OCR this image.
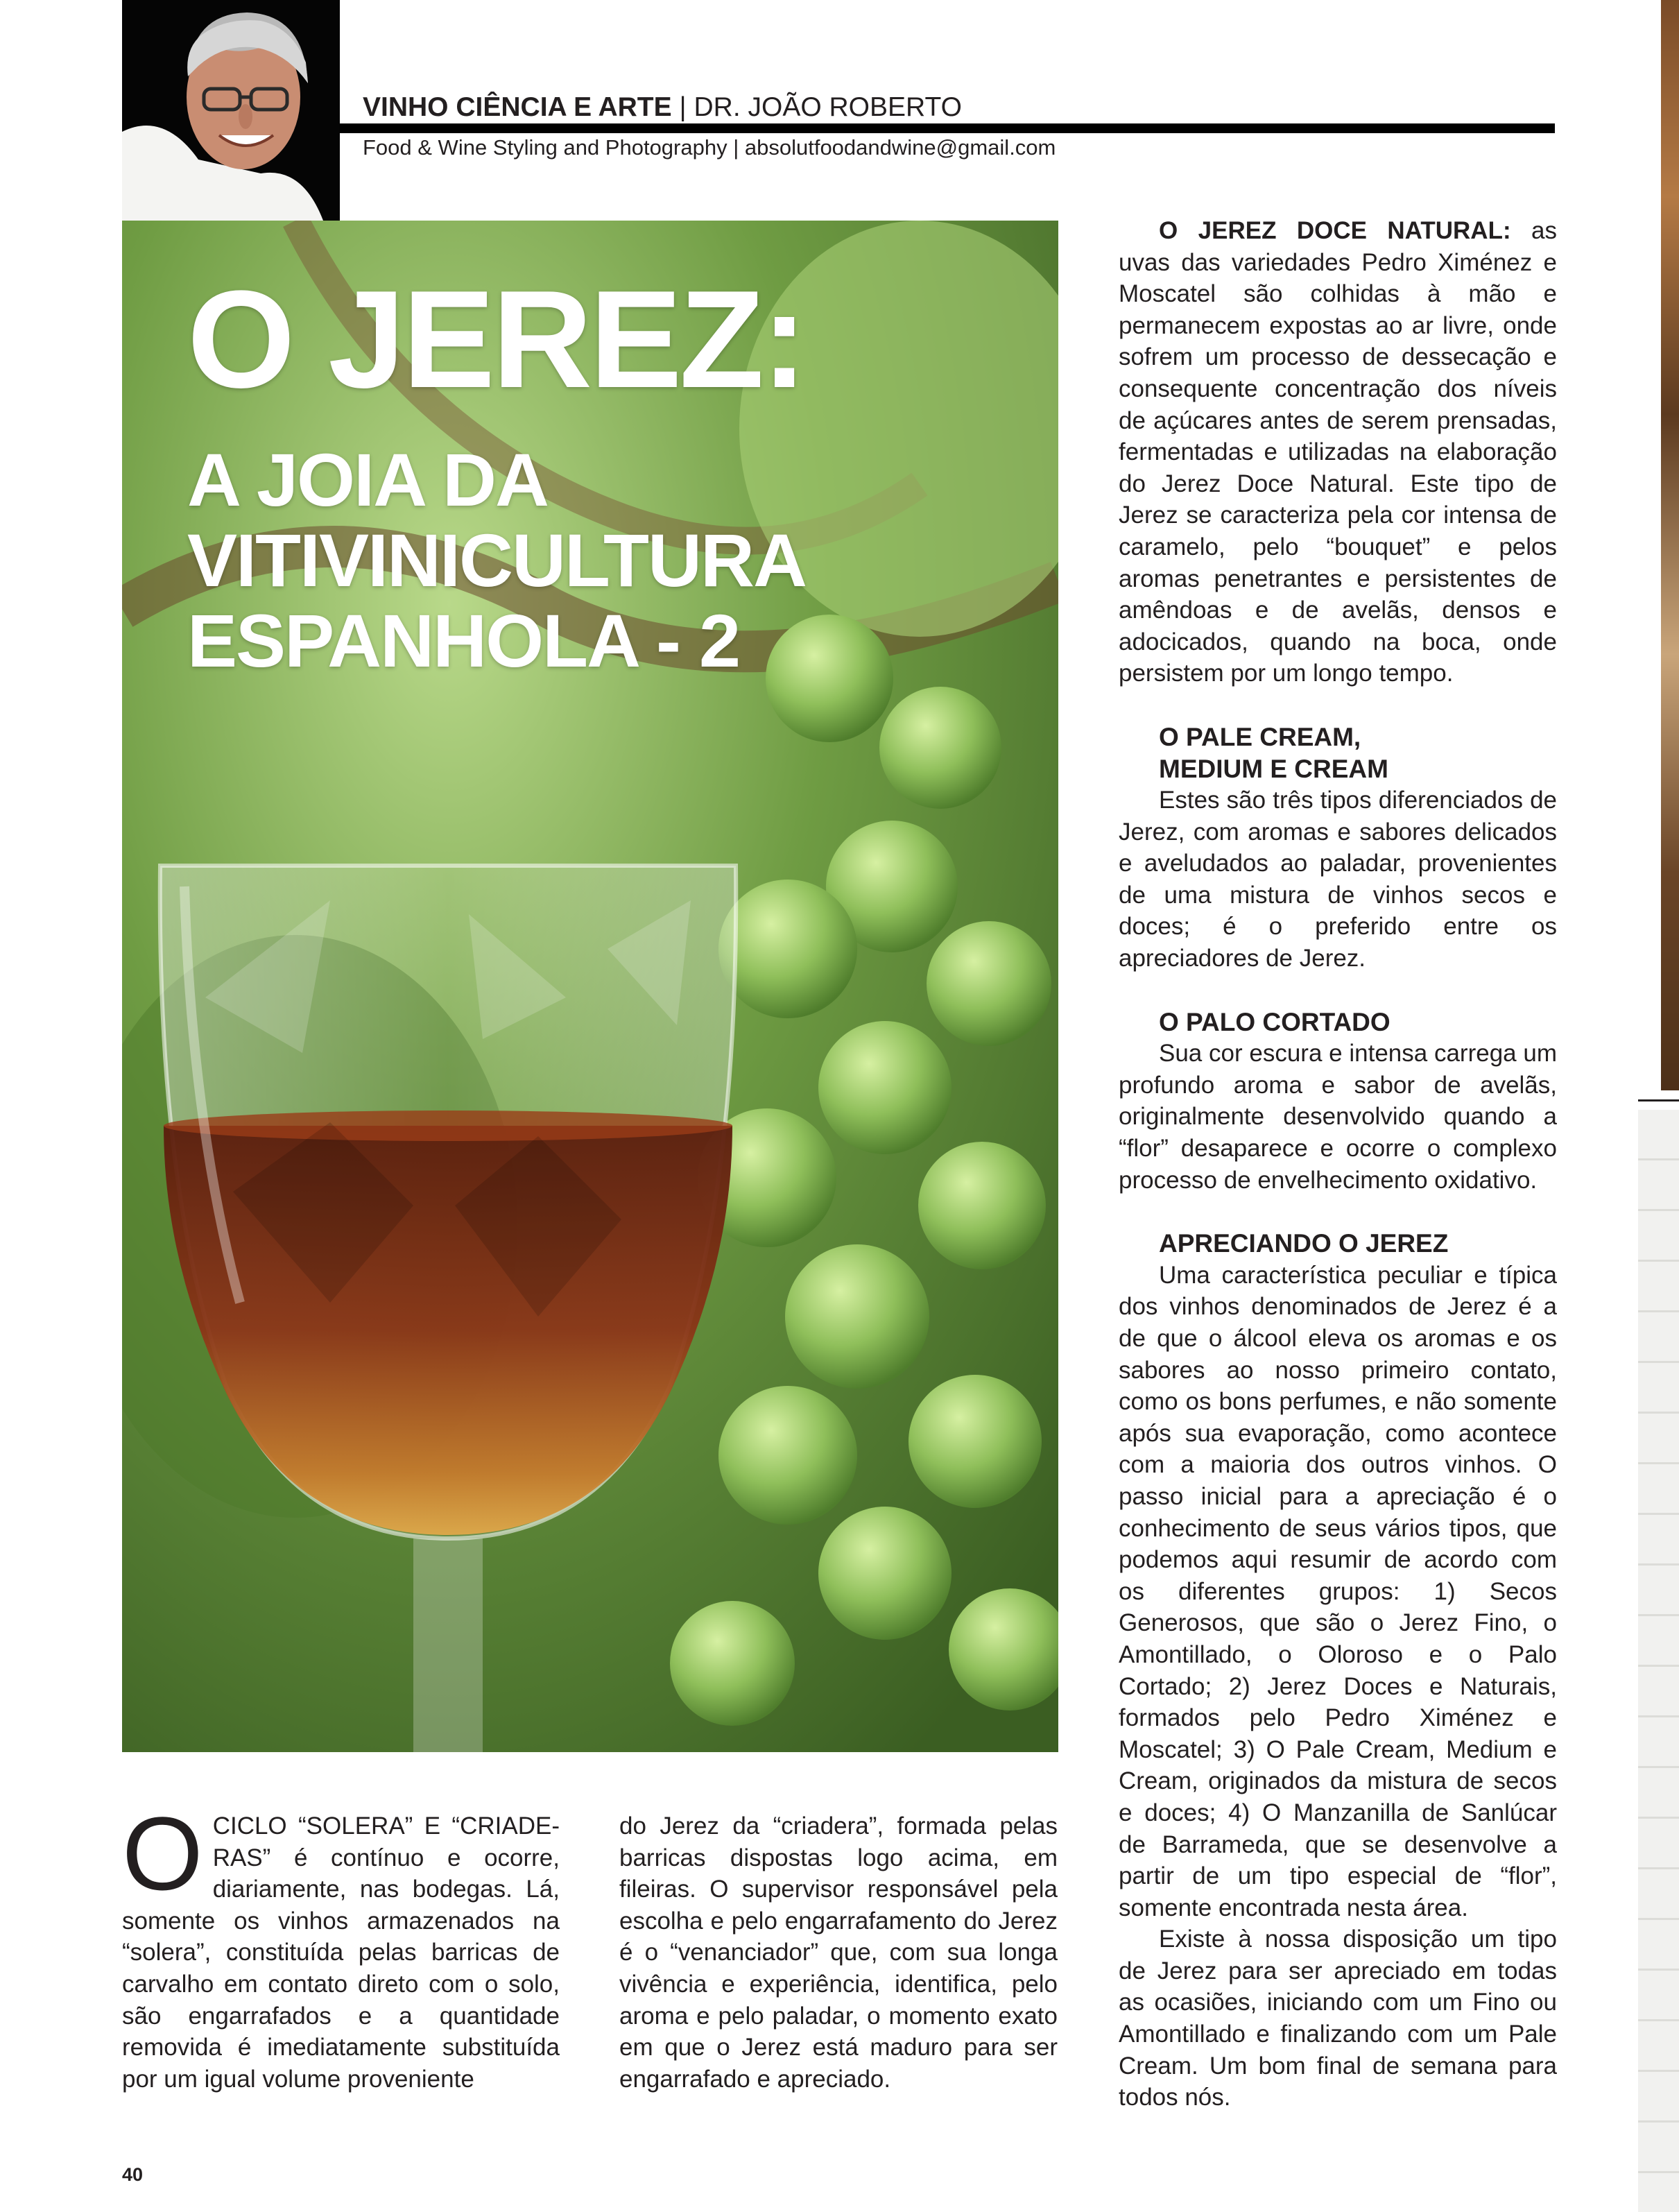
VINHO CIÊNCIA E ARTE | DR. JOÃO ROBERTO
Food & Wine Styling and Photography | absolutfoodandwine@gmail.com
O JEREZ:
A JOIA DA
VITIVINICULTURA
ESPANHOLA - 2
O CICLO “SOLERA” E “CRIADE-RAS” é contínuo e ocorre, diariamente, nas bodegas. Lá, somente os vinhos armazenados na “solera”, constituída pelas barricas de carvalho em contato direto com o solo, são engarrafados e a quantidade removida é imediatamente substituída por um igual volume proveniente

do Jerez da “criadera”, formada pelas barricas dispostas logo acima, em fileiras. O supervisor responsável pela escolha e pelo engarrafamento do Jerez é o “venanciador” que, com sua longa vivência e experiência, identifica, pelo aroma e pelo paladar, o momento exato em que o Jerez está maduro para ser engarrafado e apreciado.

O JEREZ DOCE NATURAL: as uvas das variedades Pedro Ximénez e Moscatel são colhidas à mão e permanecem expostas ao ar livre, onde sofrem um processo de dessecação e consequente concentração dos níveis de açúcares antes de serem prensadas, fermentadas e utilizadas na elaboração do Jerez Doce Natural. Este tipo de Jerez se caracteriza pela cor intensa de caramelo, pelo “bouquet” e pelos aromas penetrantes e persistentes de amêndoas e de avelãs, densos e adocicados, quando na boca, onde persistem por um longo tempo.

O PALE CREAM,
MEDIUM E CREAM

Estes são três tipos diferenciados de Jerez, com aromas e sabores delicados e aveludados ao paladar, provenientes de uma mistura de vinhos secos e doces; é o preferido entre os apreciadores de Jerez.

O PALO CORTADO

Sua cor escura e intensa carrega um profundo aroma e sabor de avelãs, originalmente desenvolvido quando a “flor” desaparece e ocorre o complexo processo de envelhecimento oxidativo.

APRECIANDO O JEREZ

Uma característica peculiar e típica dos vinhos denominados de Jerez é a de que o álcool eleva os aromas e os sabores ao nosso primeiro contato, como os bons perfumes, e não somente após sua evaporação, como acontece com a maioria dos outros vinhos. O passo inicial para a apreciação é o conhecimento de seus vários tipos, que podemos aqui resumir de acordo com os diferentes grupos: 1) Secos Generosos, que são o Jerez Fino, o Amontillado, o Oloroso e o Palo Cortado; 2) Jerez Doces e Naturais, formados pelo Pedro Ximénez e Moscatel; 3) O Pale Cream, Medium e Cream, originados da mistura de secos e doces; 4) O Manzanilla de Sanlúcar de Barrameda, que se desenvolve a partir de um tipo especial de “flor”, somente encontrada nesta área.

Existe à nossa disposição um tipo de Jerez para ser apreciado em todas as ocasiões, iniciando com um Fino ou Amontillado e finalizando com um Pale Cream. Um bom final de semana para todos nós.

40
